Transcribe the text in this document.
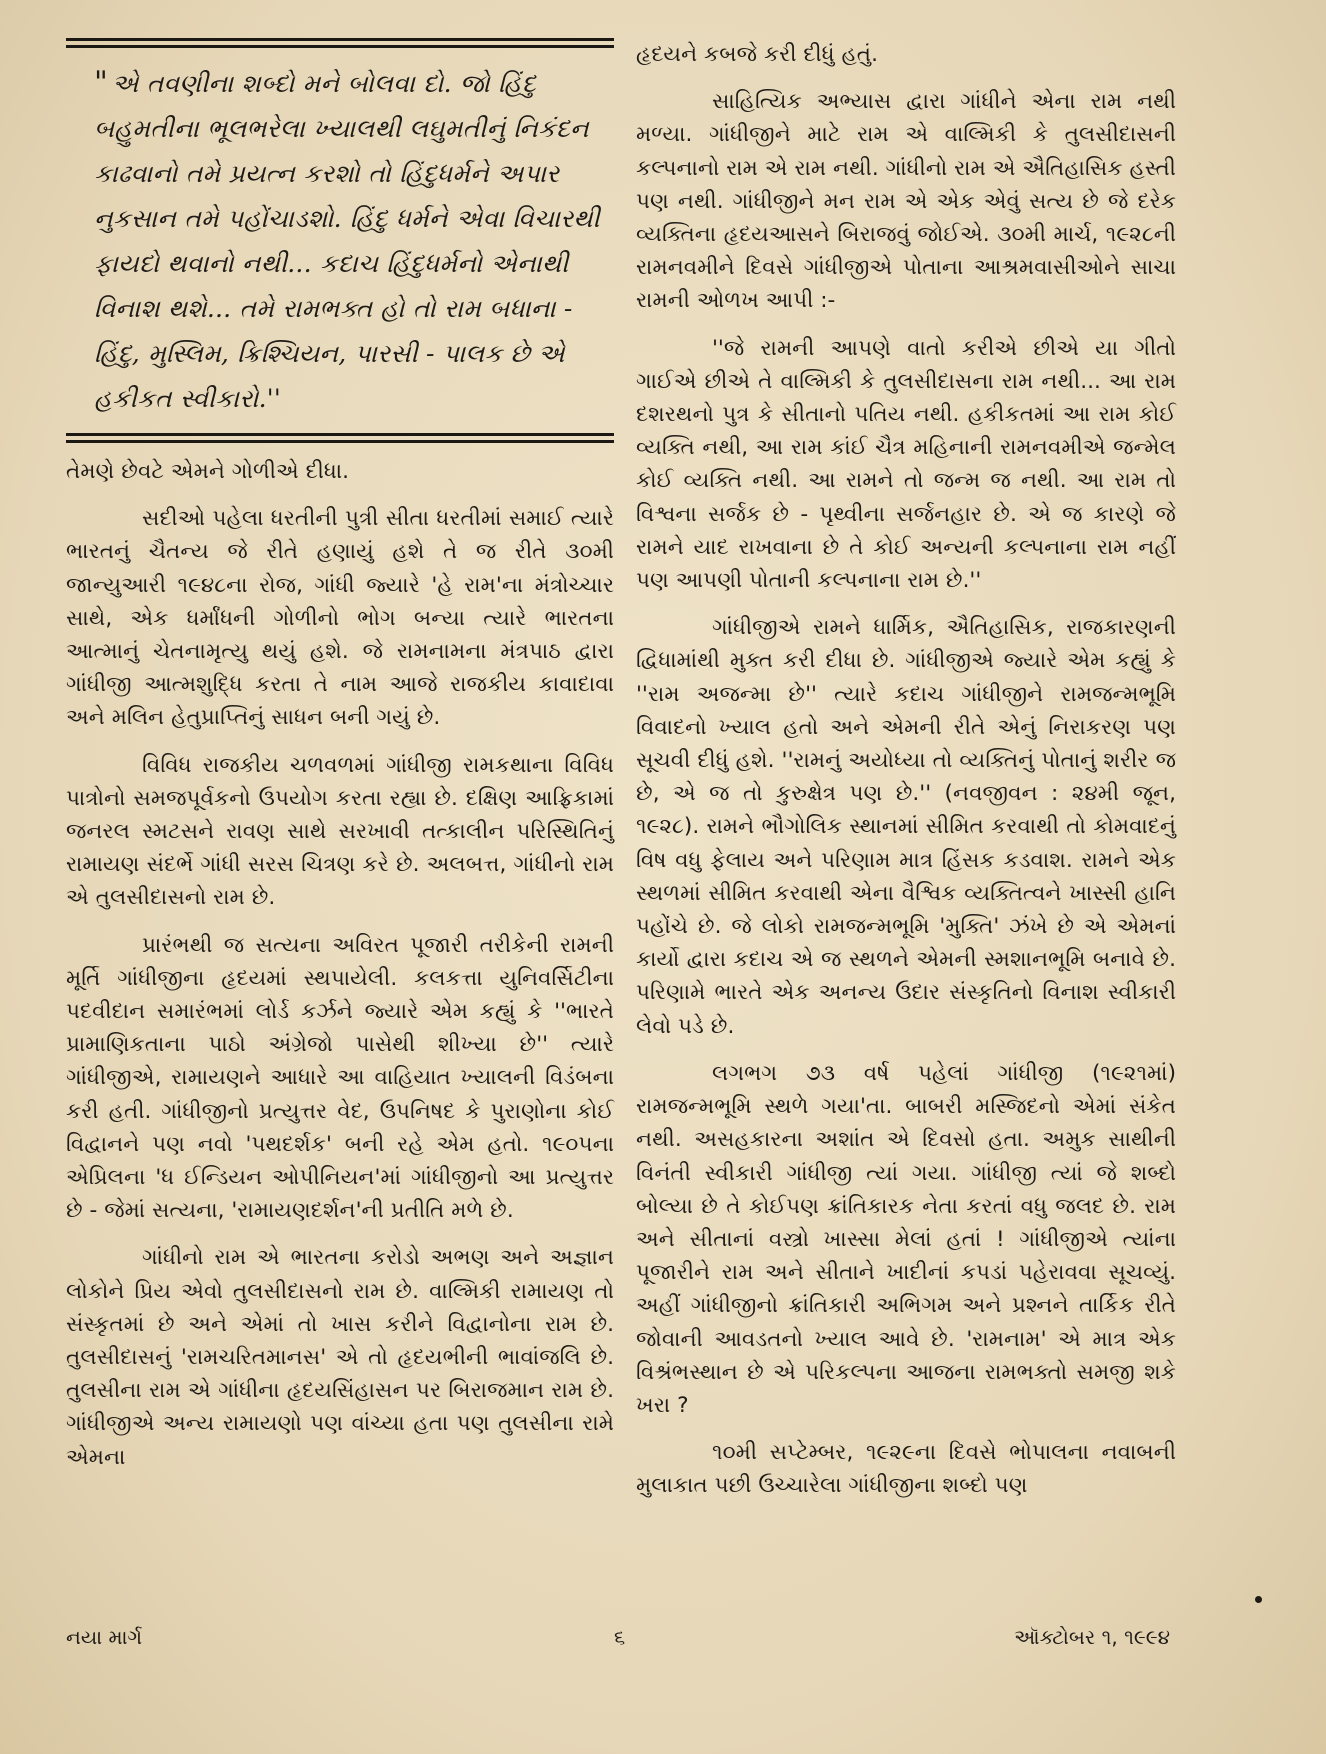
" એ તવણીના શબ્દો મને બોલવા દો. જો હિંદુ બહુમતીના ભૂલભરેલા ખ્યાલથી લઘુમતીનું નિકંદન કાઢવાનો તમે પ્રયત્ન કરશો તો હિંદુધર્મને અપાર નુકસાન તમે પહોંચાડશો. હિંદુ ધર્મને એવા વિચારથી ફાયદો થવાનો નથી... કદાચ હિંદુધર્મનો એનાથી વિનાશ થશે... તમે રામભક્ત હો તો રામ બધાના - હિંદુ, મુસ્લિમ, ક્રિશ્ચિયન, પારસી - પાલક છે એ હકીકત સ્વીકારો.''

તેમણે છેવટે એમને ગોળીએ દીધા.

સદીઓ પહેલા ધરતીની પુત્રી સીતા ધરતીમાં સમાઈ ત્યારે ભારતનું ચૈતન્ય જે રીતે હણાયું હશે તે જ રીતે ૩૦મી જાન્યુઆરી ૧૯૪૮ના રોજ, ગાંધી જ્યારે 'હે રામ'ના મંત્રોચ્ચાર સાથે, એક ધર્માંધની ગોળીનો ભોગ બન્યા ત્યારે ભારતના આત્માનું ચેતનામૃત્યુ થયું હશે. જે રામનામના મંત્રપાઠ દ્વારા ગાંધીજી આત્મશુદ્ધિ કરતા તે નામ આજે રાજકીય કાવાદાવા અને મલિન હેતુપ્રાપ્તિનું સાધન બની ગયું છે.

વિવિધ રાજકીય ચળવળમાં ગાંધીજી રામકથાના વિવિધ પાત્રોનો સમજપૂર્વકનો ઉપયોગ કરતા રહ્યા છે. દક્ષિણ આફ્રિકામાં જનરલ સ્મટસને રાવણ સાથે સરખાવી તત્કાલીન પરિસ્થિતિનું રામાયણ સંદર્ભે ગાંધી સરસ ચિત્રણ કરે છે. અલબત્ત, ગાંધીનો રામ એ તુલસીદાસનો રામ છે.

પ્રારંભથી જ સત્યના અવિરત પૂજારી તરીકેની રામની મૂર્તિ ગાંધીજીના હૃદયમાં સ્થપાયેલી. કલકત્તા યુનિવર્સિટીના પદવીદાન સમારંભમાં લોર્ડ કર્ઝને જ્યારે એમ કહ્યું કે ''ભારતે પ્રામાણિકતાના પાઠો અંગ્રેજો પાસેથી શીખ્યા છે'' ત્યારે ગાંધીજીએ, રામાયણને આધારે આ વાહિયાત ખ્યાલની વિડંબના કરી હતી. ગાંધીજીનો પ્રત્યુત્તર વેદ, ઉપનિષદ કે પુરાણોના કોઈ વિદ્વાનને પણ નવો 'પથદર્શક' બની રહે એમ હતો. ૧૯૦૫ના એપ્રિલના 'ધ ઈન્ડિયન ઓપીનિયન'માં ગાંધીજીનો આ પ્રત્યુત્તર છે - જેમાં સત્યના, 'રામાયણદર્શન'ની પ્રતીતિ મળે છે.

ગાંધીનો રામ એ ભારતના કરોડો અભણ અને અજ્ઞાન લોકોને પ્રિય એવો તુલસીદાસનો રામ છે. વાલ્મિકી રામાયણ તો સંસ્કૃતમાં છે અને એમાં તો ખાસ કરીને વિદ્વાનોના રામ છે. તુલસીદાસનું 'રામચરિતમાનસ' એ તો હૃદયભીની ભાવાંજલિ છે. તુલસીના રામ એ ગાંધીના હૃદયસિંહાસન પર બિરાજમાન રામ છે. ગાંધીજીએ અન્ય રામાયણો પણ વાંચ્યા હતા પણ તુલસીના રામે એમના

હૃદયને કબજે કરી દીધું હતું.

સાહિત્યિક અભ્યાસ દ્વારા ગાંધીને એના રામ નથી મળ્યા. ગાંધીજીને માટે રામ એ વાલ્મિકી કે તુલસીદાસની કલ્પનાનો રામ એ રામ નથી. ગાંધીનો રામ એ ઐતિહાસિક હસ્તી પણ નથી. ગાંધીજીને મન રામ એ એક એવું સત્ય છે જે દરેક વ્યક્તિના હૃદયઆસને બિરાજવું જોઈએ. ૩૦મી માર્ચ, ૧૯૨૮ની રામનવમીને દિવસે ગાંધીજીએ પોતાના આશ્રમવાસીઓને સાચા રામની ઓળખ આપી :-

''જે રામની આપણે વાતો કરીએ છીએ યા ગીતો ગાઈએ છીએ તે વાલ્મિકી કે તુલસીદાસના રામ નથી... આ રામ દશરથનો પુત્ર કે સીતાનો પતિય નથી. હકીકતમાં આ રામ કોઈ વ્યક્તિ નથી, આ રામ કાંઈ ચૈત્ર મહિનાની રામનવમીએ જન્મેલ કોઈ વ્યક્તિ નથી. આ રામને તો જન્મ જ નથી. આ રામ તો વિશ્વના સર્જક છે - પૃથ્વીના સર્જનહાર છે. એ જ કારણે જે રામને યાદ રાખવાના છે તે કોઈ અન્યની કલ્પનાના રામ નહીં પણ આપણી પોતાની કલ્પનાના રામ છે.''

ગાંધીજીએ રામને ધાર્મિક, ઐતિહાસિક, રાજકારણની દ્વિધામાંથી મુક્ત કરી દીધા છે. ગાંધીજીએ જ્યારે એમ કહ્યું કે ''રામ અજન્મા છે'' ત્યારે કદાચ ગાંધીજીને રામજન્મભૂમિ વિવાદનો ખ્યાલ હતો અને એમની રીતે એનું નિરાકરણ પણ સૂચવી દીધું હશે. ''રામનું અયોધ્યા તો વ્યક્તિનું પોતાનું શરીર જ છે, એ જ તો કુરુક્ષેત્ર પણ છે.'' (નવજીવન : ૨૪મી જૂન, ૧૯૨૮). રામને ભૌગોલિક સ્થાનમાં સીમિત કરવાથી તો કોમવાદનું વિષ વધુ ફેલાય અને પરિણામ માત્ર હિંસક કડવાશ. રામને એક સ્થળમાં સીમિત કરવાથી એના વૈશ્વિક વ્યક્તિત્વને ખાસ્સી હાનિ પહોંચે છે. જે લોકો રામજન્મભૂમિ 'મુક્તિ' ઝંખે છે એ એમનાં કાર્યો દ્વારા કદાચ એ જ સ્થળને એમની સ્મશાનભૂમિ બનાવે છે. પરિણામે ભારતે એક અનન્ય ઉદાર સંસ્કૃતિનો વિનાશ સ્વીકારી લેવો પડે છે.

લગભગ ૭૩ વર્ષ પહેલાં ગાંધીજી (૧૯૨૧માં) રામજન્મભૂમિ સ્થળે ગયા'તા. બાબરી મસ્જિદનો એમાં સંકેત નથી. અસહકારના અશાંત એ દિવસો હતા. અમુક સાથીની વિનંતી સ્વીકારી ગાંધીજી ત્યાં ગયા. ગાંધીજી ત્યાં જે શબ્દો બોલ્યા છે તે કોઈપણ ક્રાંતિકારક નેતા કરતાં વધુ જલદ છે. રામ અને સીતાનાં વસ્ત્રો ખાસ્સા મેલાં હતાં ! ગાંધીજીએ ત્યાંના પૂજારીને રામ અને સીતાને ખાદીનાં કપડાં પહેરાવવા સૂચવ્યું. અહીં ગાંધીજીનો ક્રાંતિકારી અભિગમ અને પ્રશ્નને તાર્કિક રીતે જોવાની આવડતનો ખ્યાલ આવે છે. 'રામનામ' એ માત્ર એક વિશ્રંભસ્થાન છે એ પરિકલ્પના આજના રામભક્તો સમજી શકે ખરા ?

૧૦મી સપ્ટેમ્બર, ૧૯૨૯ના દિવસે ભોપાલના નવાબની મુલાકાત પછી ઉચ્ચારેલા ગાંધીજીના શબ્દો પણ

નયા માર્ગ	૬	ઑક્ટોબર ૧, ૧૯૯૪
